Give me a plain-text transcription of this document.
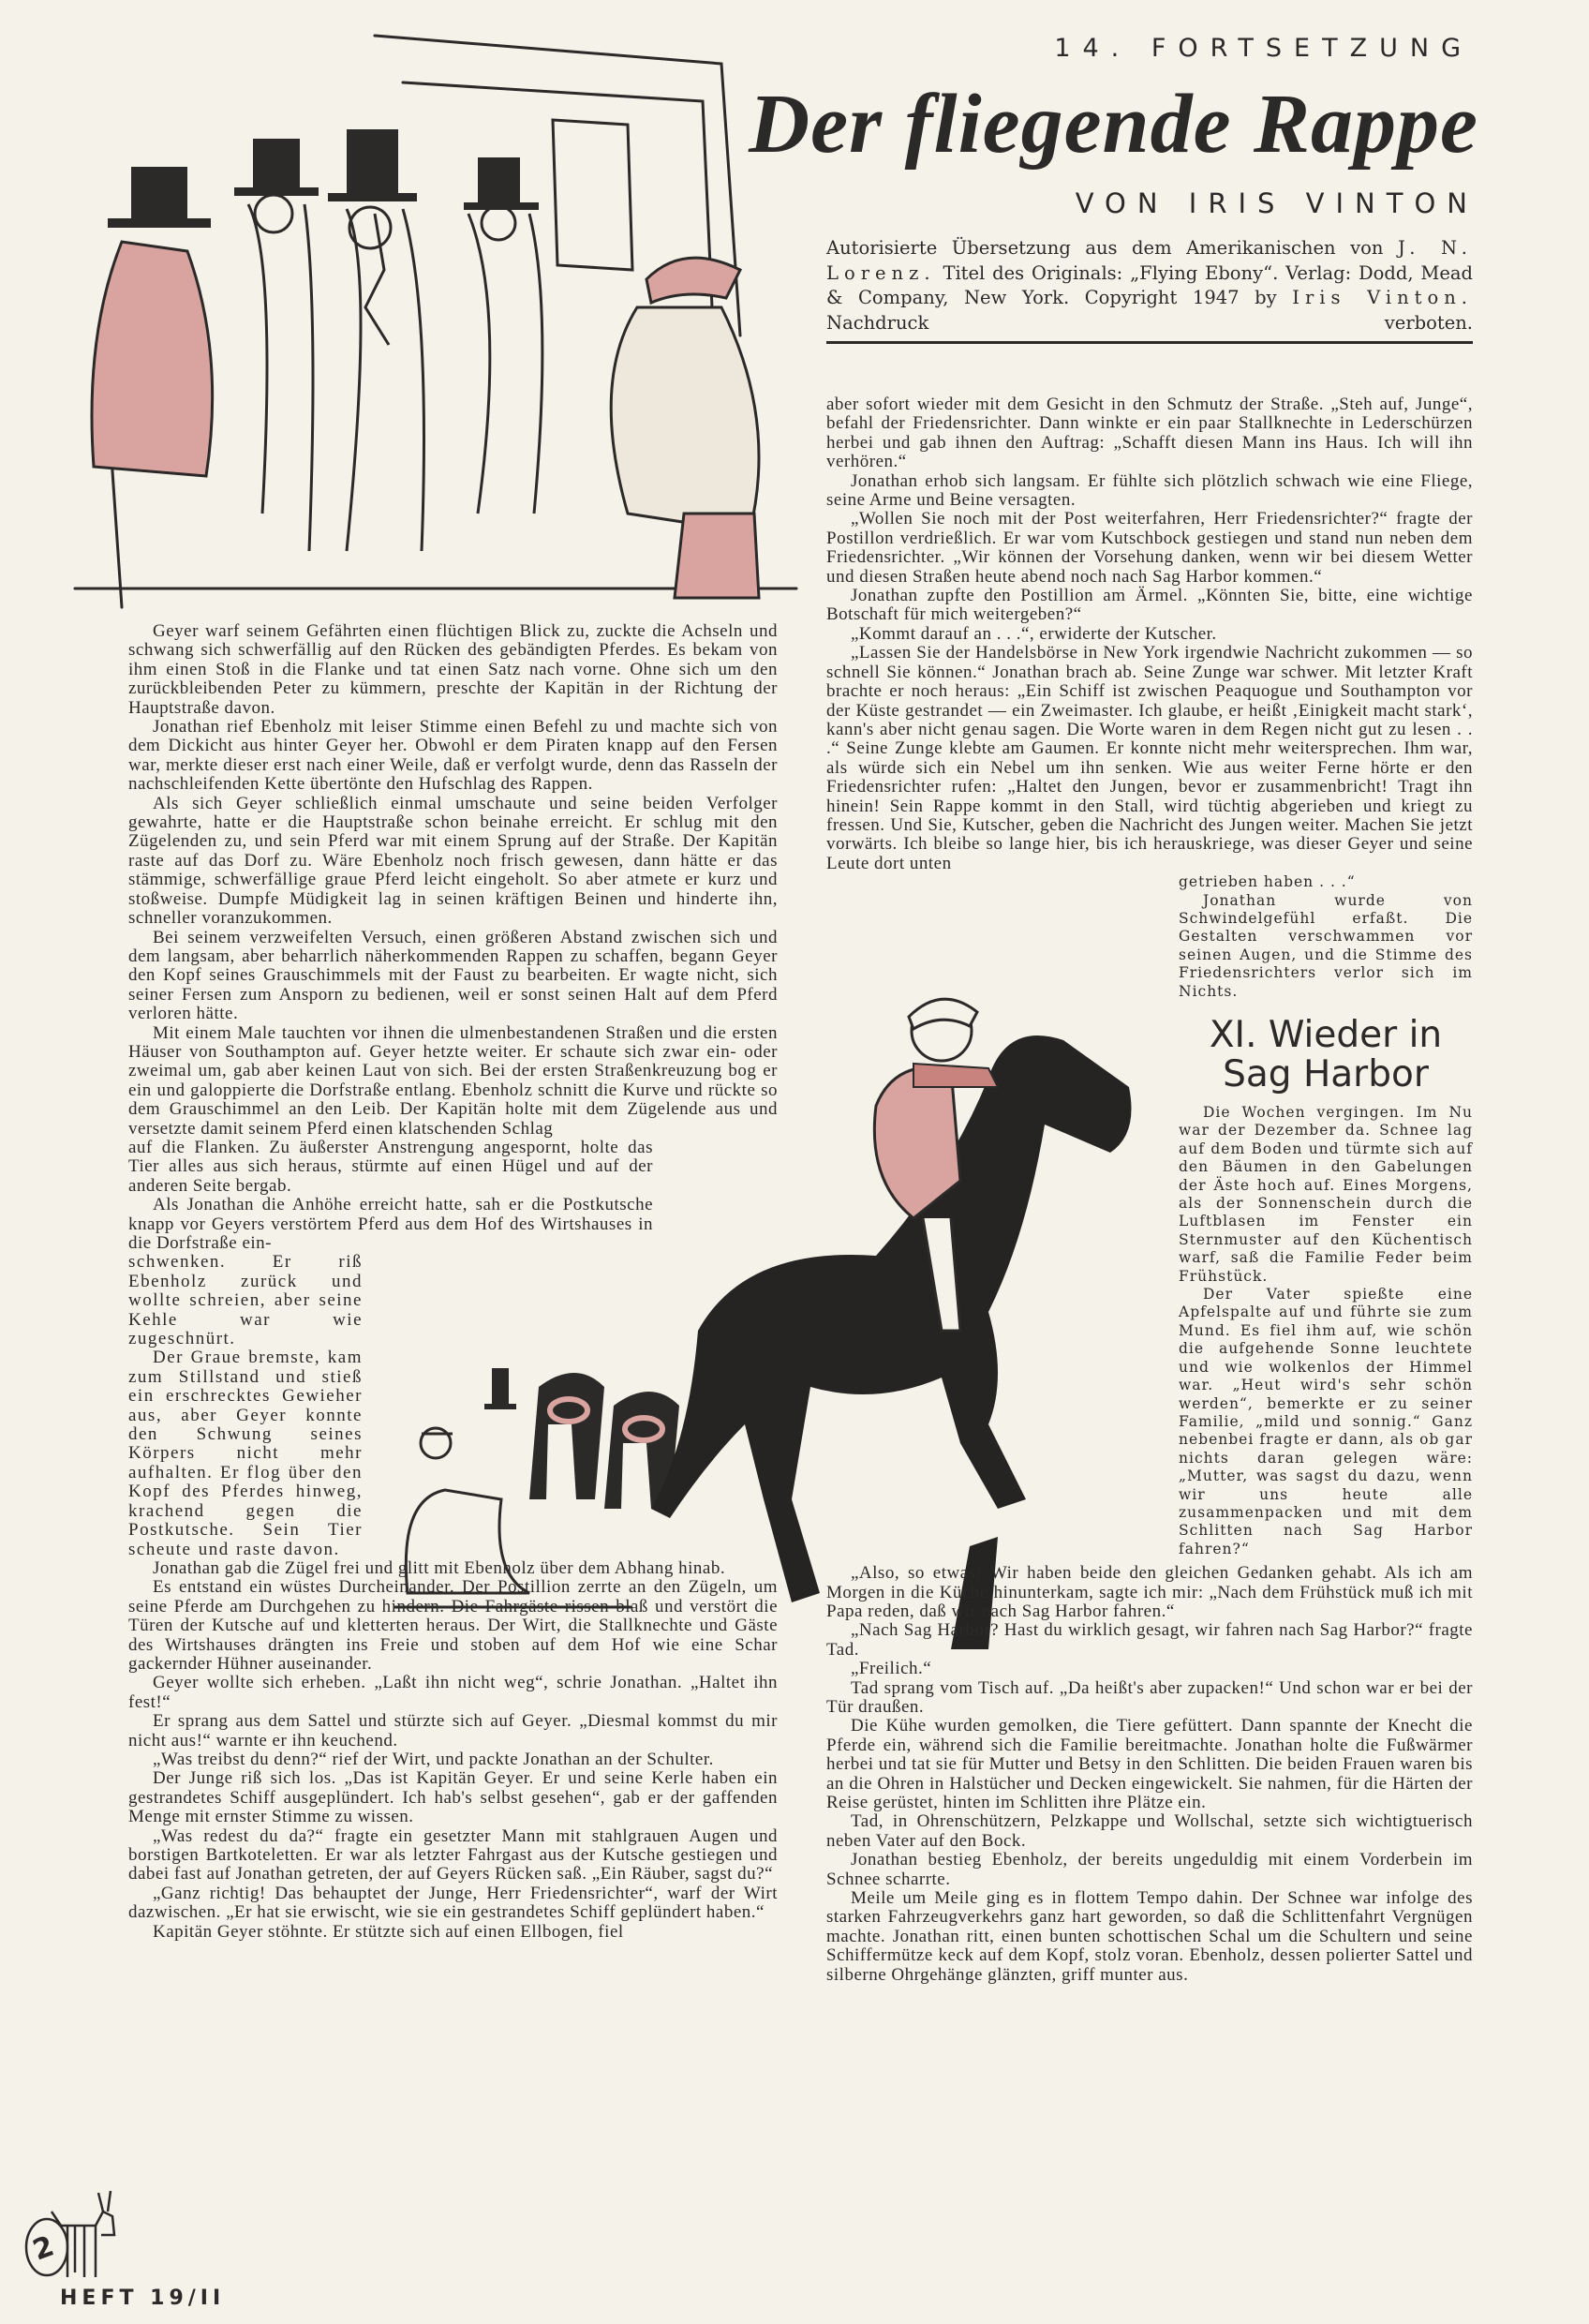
14. FORTSETZUNG
Der fliegende Rappe
VON IRIS VINTON
Autorisierte Übersetzung aus dem Amerikanischen von J. N. Lorenz. Titel des Originals: „Flying Ebony“. Verlag: Dodd, Mead & Company, New York. Copyright 1947 by Iris Vinton. Nachdruck verboten.

Geyer warf seinem Gefährten einen flüchtigen Blick zu, zuckte die Achseln und schwang sich schwerfällig auf den Rücken des gebändigten Pferdes. Es bekam von ihm einen Stoß in die Flanke und tat einen Satz nach vorne. Ohne sich um den zurückbleibenden Peter zu kümmern, preschte der Kapitän in der Richtung der Hauptstraße davon.

Jonathan rief Ebenholz mit leiser Stimme einen Befehl zu und machte sich von dem Dickicht aus hinter Geyer her. Obwohl er dem Piraten knapp auf den Fersen war, merkte dieser erst nach einer Weile, daß er verfolgt wurde, denn das Rasseln der nachschleifenden Kette übertönte den Hufschlag des Rappen.

Als sich Geyer schließlich einmal umschaute und seine beiden Verfolger gewahrte, hatte er die Hauptstraße schon beinahe erreicht. Er schlug mit den Zügelenden zu, und sein Pferd war mit einem Sprung auf der Straße. Der Kapitän raste auf das Dorf zu. Wäre Ebenholz noch frisch gewesen, dann hätte er das stämmige, schwerfällige graue Pferd leicht eingeholt. So aber atmete er kurz und stoßweise. Dumpfe Müdigkeit lag in seinen kräftigen Beinen und hinderte ihn, schneller voranzukommen.

Bei seinem verzweifelten Versuch, einen größeren Abstand zwischen sich und dem langsam, aber beharrlich näherkommenden Rappen zu schaffen, begann Geyer den Kopf seines Grauschimmels mit der Faust zu bearbeiten. Er wagte nicht, sich seiner Fersen zum Ansporn zu bedienen, weil er sonst seinen Halt auf dem Pferd verloren hätte.

Mit einem Male tauchten vor ihnen die ulmenbestandenen Straßen und die ersten Häuser von Southampton auf. Geyer hetzte weiter. Er schaute sich zwar ein- oder zweimal um, gab aber keinen Laut von sich. Bei der ersten Straßenkreuzung bog er ein und galoppierte die Dorfstraße entlang. Ebenholz schnitt die Kurve und rückte so dem Grauschimmel an den Leib. Der Kapitän holte mit dem Zügelende aus und versetzte damit seinem Pferd einen klatschenden Schlag

auf die Flanken. Zu äußerster Anstrengung angespornt, holte das Tier alles aus sich heraus, stürmte auf einen Hügel und auf der anderen Seite bergab.

Als Jonathan die Anhöhe erreicht hatte, sah er die Postkutsche knapp vor Geyers verstörtem Pferd aus dem Hof des Wirtshauses in die Dorfstraße ein-

schwenken. Er riß Ebenholz zurück und wollte schreien, aber seine Kehle war wie zugeschnürt.

Der Graue bremste, kam zum Stillstand und stieß ein erschrecktes Gewieher aus, aber Geyer konnte den Schwung seines Körpers nicht mehr aufhalten. Er flog über den Kopf des Pferdes hinweg, krachend gegen die Postkutsche. Sein Tier scheute und raste davon.

Jonathan gab die Zügel frei und glitt mit Ebenholz über dem Abhang hinab.

Es entstand ein wüstes Durcheinander. Der Postillion zerrte an den Zügeln, um seine Pferde am Durchgehen zu hindern. Die Fahrgäste rissen blaß und verstört die Türen der Kutsche auf und kletterten heraus. Der Wirt, die Stallknechte und Gäste des Wirtshauses drängten ins Freie und stoben auf dem Hof wie eine Schar gackernder Hühner auseinander.

Geyer wollte sich erheben. „Laßt ihn nicht weg“, schrie Jonathan. „Haltet ihn fest!“

Er sprang aus dem Sattel und stürzte sich auf Geyer. „Diesmal kommst du mir nicht aus!“ warnte er ihn keuchend.

„Was treibst du denn?“ rief der Wirt, und packte Jonathan an der Schulter.

Der Junge riß sich los. „Das ist Kapitän Geyer. Er und seine Kerle haben ein gestrandetes Schiff ausgeplündert. Ich hab's selbst gesehen“, gab er der gaffenden Menge mit ernster Stimme zu wissen.

„Was redest du da?“ fragte ein gesetzter Mann mit stahlgrauen Augen und borstigen Bartkoteletten. Er war als letzter Fahrgast aus der Kutsche gestiegen und dabei fast auf Jonathan getreten, der auf Geyers Rücken saß. „Ein Räuber, sagst du?“

„Ganz richtig! Das behauptet der Junge, Herr Friedensrichter“, warf der Wirt dazwischen. „Er hat sie erwischt, wie sie ein gestrandetes Schiff geplündert haben.“

Kapitän Geyer stöhnte. Er stützte sich auf einen Ellbogen, fiel

aber sofort wieder mit dem Gesicht in den Schmutz der Straße. „Steh auf, Junge“, befahl der Friedensrichter. Dann winkte er ein paar Stallknechte in Lederschürzen herbei und gab ihnen den Auftrag: „Schafft diesen Mann ins Haus. Ich will ihn verhören.“

Jonathan erhob sich langsam. Er fühlte sich plötzlich schwach wie eine Fliege, seine Arme und Beine versagten.

„Wollen Sie noch mit der Post weiterfahren, Herr Friedensrichter?“ fragte der Postillon verdrießlich. Er war vom Kutschbock gestiegen und stand nun neben dem Friedensrichter. „Wir können der Vorsehung danken, wenn wir bei diesem Wetter und diesen Straßen heute abend noch nach Sag Harbor kommen.“

Jonathan zupfte den Postillion am Ärmel. „Könnten Sie, bitte, eine wichtige Botschaft für mich weitergeben?“

„Kommt darauf an . . .“, erwiderte der Kutscher.

„Lassen Sie der Handelsbörse in New York irgendwie Nachricht zukommen — so schnell Sie können.“ Jonathan brach ab. Seine Zunge war schwer. Mit letzter Kraft brachte er noch heraus: „Ein Schiff ist zwischen Peaquogue und Southampton vor der Küste gestrandet — ein Zweimaster. Ich glaube, er heißt ‚Einigkeit macht stark‘, kann's aber nicht genau sagen. Die Worte waren in dem Regen nicht gut zu lesen . . .“ Seine Zunge klebte am Gaumen. Er konnte nicht mehr weitersprechen. Ihm war, als würde sich ein Nebel um ihn senken. Wie aus weiter Ferne hörte er den Friedensrichter rufen: „Haltet den Jungen, bevor er zusammenbricht! Tragt ihn hinein! Sein Rappe kommt in den Stall, wird tüchtig abgerieben und kriegt zu fressen. Und Sie, Kutscher, geben die Nachricht des Jungen weiter. Machen Sie jetzt vorwärts. Ich bleibe so lange hier, bis ich herauskriege, was dieser Geyer und seine Leute dort unten

getrieben haben . . .“

Jonathan wurde von Schwindelgefühl erfaßt. Die Gestalten verschwammen vor seinen Augen, und die Stimme des Friedensrichters verlor sich im Nichts.

XI. Wieder in Sag Harbor

Die Wochen vergingen. Im Nu war der Dezember da. Schnee lag auf dem Boden und türmte sich auf den Bäumen in den Gabelungen der Äste hoch auf. Eines Morgens, als der Sonnenschein durch die Luftblasen im Fenster ein Sternmuster auf den Küchentisch warf, saß die Familie Feder beim Frühstück.

Der Vater spießte eine Apfelspalte auf und führte sie zum Mund. Es fiel ihm auf, wie schön die aufgehende Sonne leuchtete und wie wolkenlos der Himmel war. „Heut wird's sehr schön werden“, bemerkte er zu seiner Familie, „mild und sonnig.“ Ganz nebenbei fragte er dann, als ob gar nichts daran gelegen wäre: „Mutter, was sagst du dazu, wenn wir uns heute alle zusammenpacken und mit dem Schlitten nach Sag Harbor fahren?“

„Also, so etwas! Wir haben beide den gleichen Gedanken gehabt. Als ich am Morgen in die Küche hinunterkam, sagte ich mir: „Nach dem Frühstück muß ich mit Papa reden, daß wir nach Sag Harbor fahren.“

„Nach Sag Harbor? Hast du wirklich gesagt, wir fahren nach Sag Harbor?“ fragte Tad.

„Freilich.“

Tad sprang vom Tisch auf. „Da heißt's aber zupacken!“ Und schon war er bei der Tür draußen.

Die Kühe wurden gemolken, die Tiere gefüttert. Dann spannte der Knecht die Pferde ein, während sich die Familie bereitmachte. Jonathan holte die Fußwärmer herbei und tat sie für Mutter und Betsy in den Schlitten. Die beiden Frauen waren bis an die Ohren in Halstücher und Decken eingewickelt. Sie nahmen, für die Härten der Reise gerüstet, hinten im Schlitten ihre Plätze ein.

Tad, in Ohrenschützern, Pelzkappe und Wollschal, setzte sich wichtigtuerisch neben Vater auf den Bock.

Jonathan bestieg Ebenholz, der bereits ungeduldig mit einem Vorderbein im Schnee scharrte.

Meile um Meile ging es in flottem Tempo dahin. Der Schnee war infolge des starken Fahrzeugverkehrs ganz hart geworden, so daß die Schlittenfahrt Vergnügen machte. Jonathan ritt, einen bunten schottischen Schal um die Schultern und seine Schiffermütze keck auf dem Kopf, stolz voran. Ebenholz, dessen polierter Sattel und silberne Ohrgehänge glänzten, griff munter aus.

2
HEFT 19/II
